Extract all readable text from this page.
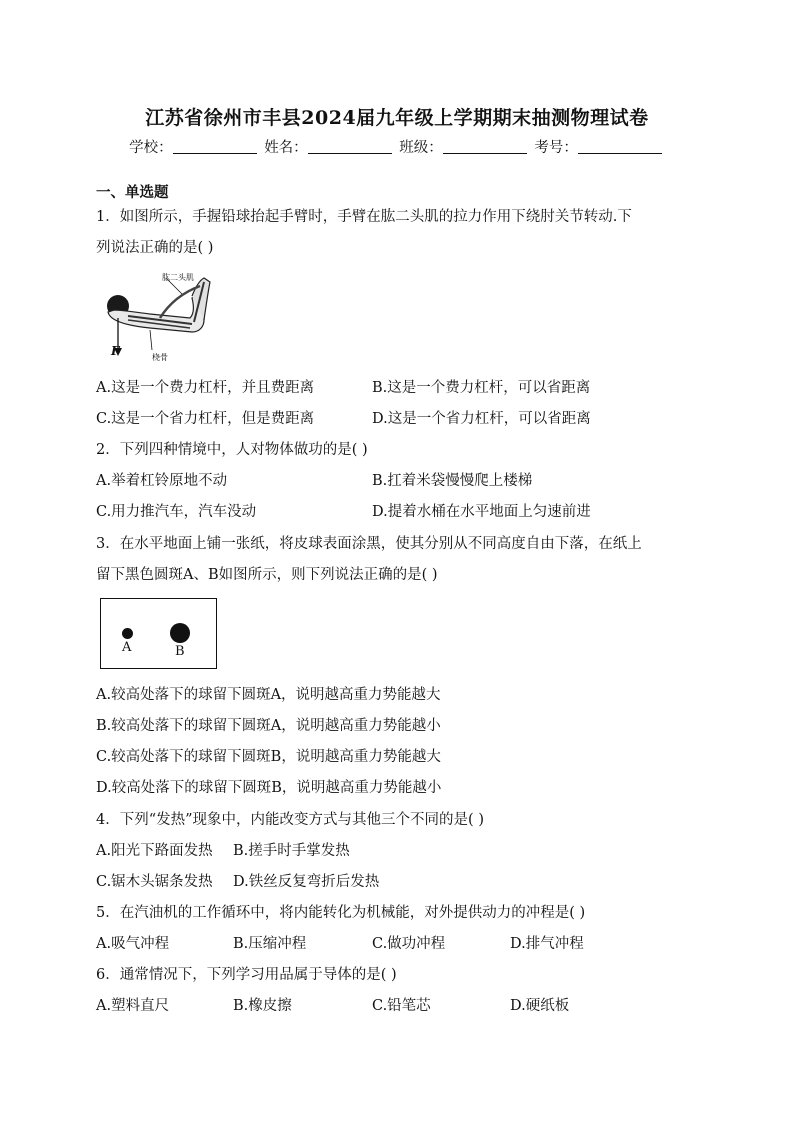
江苏省徐州市丰县2024届九年级上学期期末抽测物理试卷
学校：	姓名：	班级：	考号：
一、单选题
1．如图所示，手握铅球抬起手臂时，手臂在肱二头肌的拉力作用下绕肘关节转动.下
列说法正确的是( )
肱二头肌
F	桡骨
A.这是一个费力杠杆，并且费距离	B.这是一个费力杠杆，可以省距离
C.这是一个省力杠杆，但是费距离	D.这是一个省力杠杆，可以省距离
2．下列四种情境中，人对物体做功的是( )
A.举着杠铃原地不动	B.扛着米袋慢慢爬上楼梯
C.用力推汽车，汽车没动	D.提着水桶在水平地面上匀速前进
3．在水平地面上铺一张纸，将皮球表面涂黑，使其分别从不同高度自由下落，在纸上
留下黑色圆斑A、B如图所示，则下列说法正确的是( )
A	B
A.较高处落下的球留下圆斑A，说明越高重力势能越大
B.较高处落下的球留下圆斑A，说明越高重力势能越小
C.较高处落下的球留下圆斑B，说明越高重力势能越大
D.较高处落下的球留下圆斑B，说明越高重力势能越小
4．下列“发热”现象中，内能改变方式与其他三个不同的是( )
A.阳光下路面发热 B.搓手时手掌发热
C.锯木头锯条发热 D.铁丝反复弯折后发热
5．在汽油机的工作循环中，将内能转化为机械能，对外提供动力的冲程是( )
A.吸气冲程	B.压缩冲程	C.做功冲程	D.排气冲程
6．通常情况下，下列学习用品属于导体的是( )
A.塑料直尺	B.橡皮擦	C.铅笔芯	D.硬纸板
